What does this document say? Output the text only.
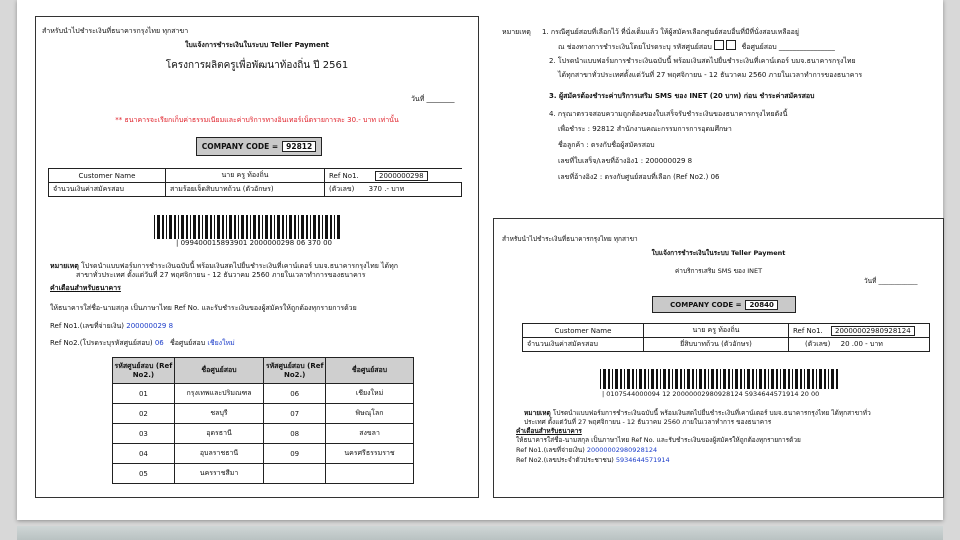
สำหรับนำไปชำระเงินที่ธนาคารกรุงไทย ทุกสาขา
ใบแจ้งการชำระเงินในระบบ Teller Payment
โครงการผลิตครูเพื่อพัฒนาท้องถิ่น ปี 2561
วันที่ ________
** ธนาคารจะเรียกเก็บค่าธรรมเนียมและค่าบริการทางอินเทอร์เน็ตรายการละ 30.- บาท เท่านั้น
COMPANY CODE =	92812
Customer Name	นาย ครู ท้องถิ่น	Ref No1. 2000000298
จำนวนเงินค่าสมัครสอบ	สามร้อยเจ็ดสิบบาทถ้วน (ตัวอักษร)	(ตัวเลข) 370 .- บาท
| 099400015893901 2000000298 06 370 00
หมายเหตุ โปรดนำแบบฟอร์มการชำระเงินฉบับนี้ พร้อมเงินสดไปยื่นชำระเงินที่เคาน์เตอร์ บมจ.ธนาคารกรุงไทย ได้ทุก
สาขาทั่วประเทศ ตั้งแต่วันที่ 27 พฤศจิกายน - 12 ธันวาคม 2560 ภายในเวลาทำการของธนาคาร
คำเตือนสำหรับธนาคาร
ให้ธนาคารใส่ชื่อ-นามสกุล เป็นภาษาไทย Ref No. และรับชำระเงินของผู้สมัครให้ถูกต้องทุกรายการด้วย
Ref No1.(เลขที่จ่ายเงิน) 200000029 8
Ref No2.(โปรดระบุรหัสศูนย์สอบ) 06 ชื่อศูนย์สอบ เชียงใหม่
รหัสศูนย์สอบ (Ref No2.)	ชื่อศูนย์สอบ	รหัสศูนย์สอบ (Ref No2.)	ชื่อศูนย์สอบ
01	กรุงเทพและปริมณฑล	06	เชียงใหม่
02	ชลบุรี	07	พิษณุโลก
03	อุดรธานี	08	สงขลา
04	อุบลราชธานี	09	นครศรีธรรมราช
05	นครราชสีมา		
หมายเหตุ 1. กรณีศูนย์สอบที่เลือกไว้ ที่นั่งเต็มแล้ว ให้ผู้สมัครเลือกศูนย์สอบอื่นที่มีที่นั่งสอบเหลืออยู่
ณ ช่องทางการชำระเงินโดยโปรดระบุ รหัสศูนย์สอบ	ชื่อศูนย์สอบ ________________
2. โปรดนำแบบฟอร์มการชำระเงินฉบับนี้ พร้อมเงินสดไปยื่นชำระเงินที่เคาน์เตอร์ บมจ.ธนาคารกรุงไทย
ได้ทุกสาขาทั่วประเทศตั้งแต่วันที่ 27 พฤศจิกายน - 12 ธันวาคม 2560 ภายในเวลาทำการของธนาคาร
3. ผู้สมัครต้องชำระค่าบริการเสริม SMS ของ INET (20 บาท) ก่อน ชำระค่าสมัครสอบ
4. กรุณาตรวจสอบความถูกต้องของใบเสร็จรับชำระเงินของธนาคารกรุงไทยดังนี้
เพื่อชำระ : 92812 สำนักงานคณะกรรมการการอุดมศึกษา
ชื่อลูกค้า : ตรงกับชื่อผู้สมัครสอบ
เลขที่ใบเสร็จ/เลขที่อ้างอิง1 : 200000029 8
เลขที่อ้างอิง2 : ตรงกับศูนย์สอบที่เลือก (Ref No2.) 06
สำหรับนำไปชำระเงินที่ธนาคารกรุงไทย ทุกสาขา
ใบแจ้งการชำระเงินในระบบ Teller Payment
ค่าบริการเสริม SMS ของ INET
วันที่ ____________
COMPANY CODE =	20840
Customer Name	นาย ครู ท้องถิ่น	Ref No1. 20000002980928124
จำนวนเงินค่าสมัครสอบ	ยี่สิบบาทถ้วน (ตัวอักษร)	(ตัวเลข) 20 .00 - บาท
| 0107544000094 12 20000002980928124 5934644571914 20 00
หมายเหตุ โปรดนำแบบฟอร์มการชำระเงินฉบับนี้ พร้อมเงินสดไปยื่นชำระเงินที่เคาน์เตอร์ บมจ.ธนาคารกรุงไทย ได้ทุกสาขาทั่ว
ประเทศ ตั้งแต่วันที่ 27 พฤศจิกายน - 12 ธันวาคม 2560 ภายในเวลาทำการ ของธนาคาร
คำเตือนสำหรับธนาคาร
ให้ธนาคารใส่ชื่อ-นามสกุล เป็นภาษาไทย Ref No. และรับชำระเงินของผู้สมัครให้ถูกต้องทุกรายการด้วย
Ref No1.(เลขที่จ่ายเงิน) 20000002980928124
Ref No2.(เลขประจำตัวประชาชน) 5934644571914
